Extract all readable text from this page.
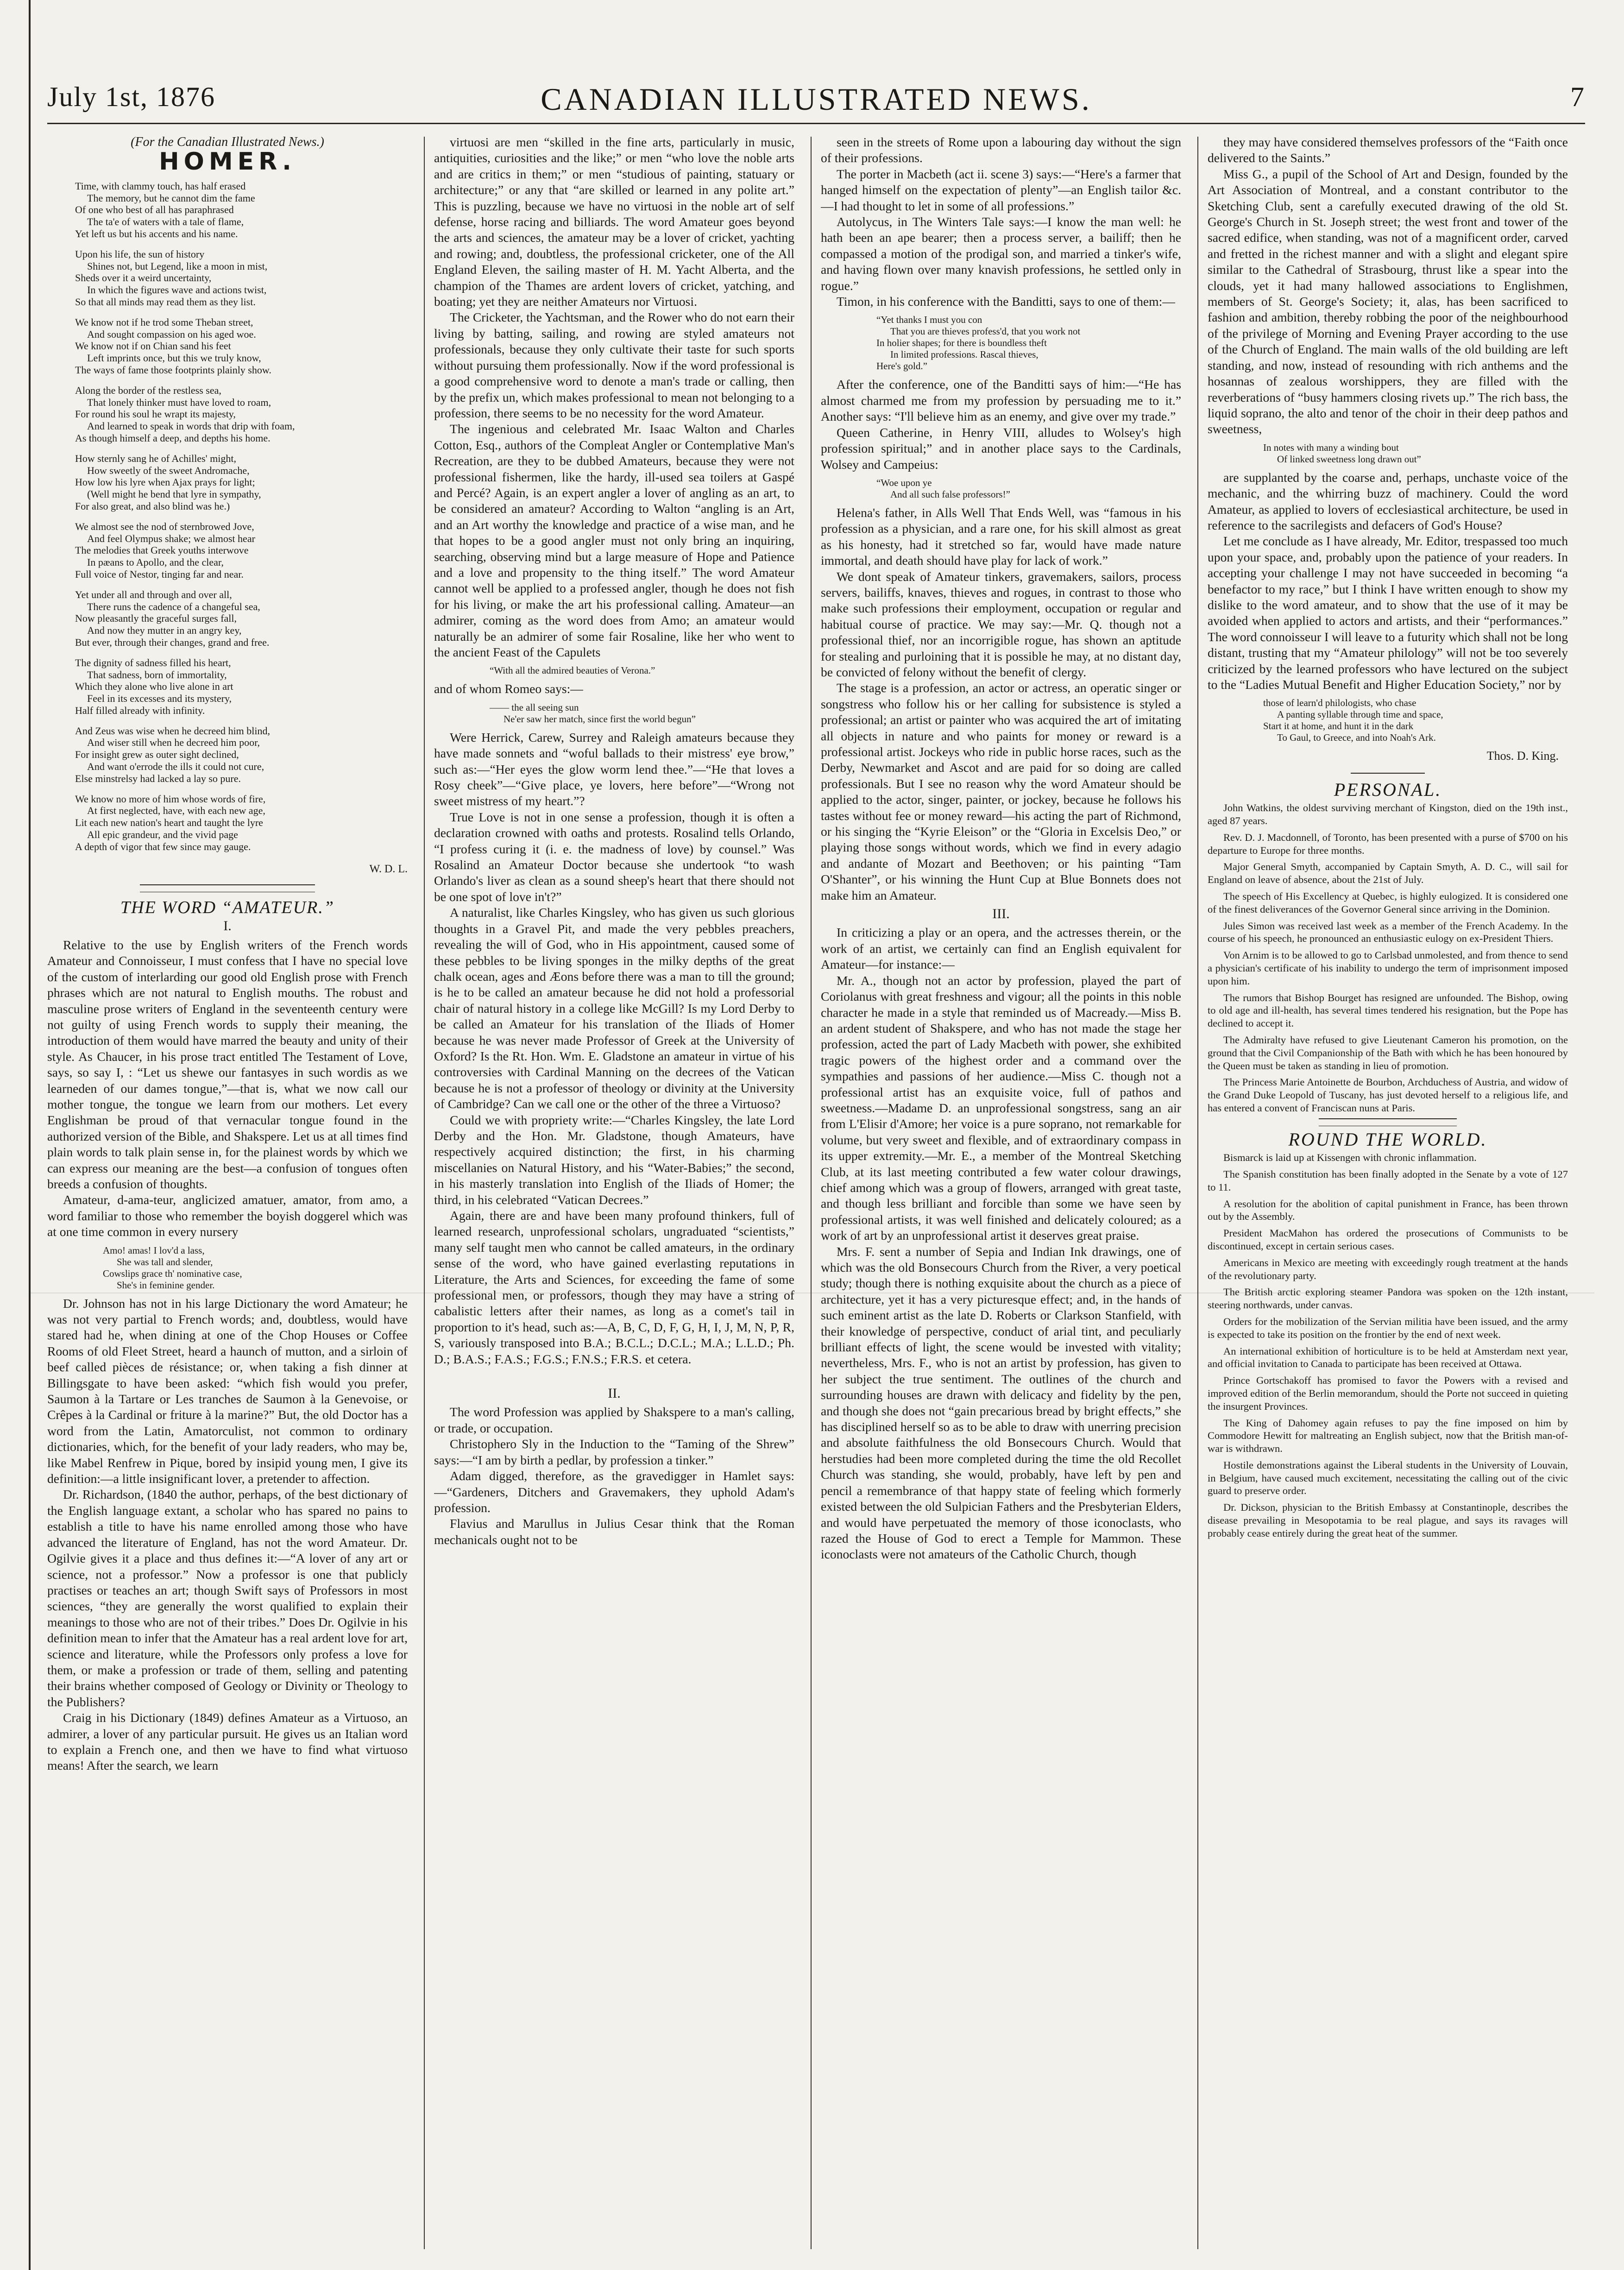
July 1st, 1876	CANADIAN ILLUSTRATED NEWS.	7

(For the Canadian Illustrated News.)

HOMER.
Time, with clammy touch, has half erased
The memory, but he cannot dim the fame
Of one who best of all has paraphrased
The ta'e of waters with a tale of flame,
Yet left us but his accents and his name.
Upon his life, the sun of history
Shines not, but Legend, like a moon in mist,
Sheds over it a weird uncertainty,
In which the figures wave and actions twist,
So that all minds may read them as they list.
We know not if he trod some Theban street,
And sought compassion on his aged woe.
We know not if on Chian sand his feet
Left imprints once, but this we truly know,
The ways of fame those footprints plainly show.
Along the border of the restless sea,
That lonely thinker must have loved to roam,
For round his soul he wrapt its majesty,
And learned to speak in words that drip with foam,
As though himself a deep, and depths his home.
How sternly sang he of Achilles' might,
How sweetly of the sweet Andromache,
How low his lyre when Ajax prays for light;
(Well might he bend that lyre in sympathy,
For also great, and also blind was he.)
We almost see the nod of sternbrowed Jove,
And feel Olympus shake; we almost hear
The melodies that Greek youths interwove
In pæans to Apollo, and the clear,
Full voice of Nestor, tinging far and near.
Yet under all and through and over all,
There runs the cadence of a changeful sea,
Now pleasantly the graceful surges fall,
And now they mutter in an angry key,
But ever, through their changes, grand and free.
The dignity of sadness filled his heart,
That sadness, born of immortality,
Which they alone who live alone in art
Feel in its excesses and its mystery,
Half filled already with infinity.
And Zeus was wise when he decreed him blind,
And wiser still when he decreed him poor,
For insight grew as outer sight declined,
And want o'errode the ills it could not cure,
Else minstrelsy had lacked a lay so pure.
We know no more of him whose words of fire,
At first neglected, have, with each new age,
Lit each new nation's heart and taught the lyre
All epic grandeur, and the vivid page
A depth of vigor that few since may gauge.
W. D. L.
THE WORD “AMATEUR.”
I.

Relative to the use by English writers of the French words Amateur and Connoisseur, I must confess that I have no special love of the custom of interlarding our good old English prose with French phrases which are not natural to English mouths. The robust and masculine prose writers of England in the seventeenth century were not guilty of using French words to supply their meaning, the introduction of them would have marred the beauty and unity of their style. As Chaucer, in his prose tract entitled The Testament of Love, says, so say I, : “Let us shewe our fantasyes in such wordis as we learneden of our dames tongue,”—that is, what we now call our mother tongue, the tongue we learn from our mothers. Let every Englishman be proud of that vernacular tongue found in the authorized version of the Bible, and Shakspere. Let us at all times find plain words to talk plain sense in, for the plainest words by which we can express our meaning are the best—a confusion of tongues often breeds a confusion of thoughts.

Amateur, d-ama-teur, anglicized amatuer, amator, from amo, a word familiar to those who remember the boyish doggerel which was at one time common in every nursery

Amo! amas! I lov'd a lass,
She was tall and slender,
Cowslips grace th' nominative case,
She's in feminine gender.

Dr. Johnson has not in his large Dictionary the word Amateur; he was not very partial to French words; and, doubtless, would have stared had he, when dining at one of the Chop Houses or Coffee Rooms of old Fleet Street, heard a haunch of mutton, and a sirloin of beef called pièces de résistance; or, when taking a fish dinner at Billingsgate to have been asked: “which fish would you prefer, Saumon à la Tartare or Les tranches de Saumon à la Genevoise, or Crêpes à la Cardinal or friture à la marine?” But, the old Doctor has a word from the Latin, Amatorculist, not common to ordinary dictionaries, which, for the benefit of your lady readers, who may be, like Mabel Renfrew in Pique, bored by insipid young men, I give its definition:—a little insignificant lover, a pretender to affection.

Dr. Richardson, (1840 the author, perhaps, of the best dictionary of the English language extant, a scholar who has spared no pains to establish a title to have his name enrolled among those who have advanced the literature of England, has not the word Amateur. Dr. Ogilvie gives it a place and thus defines it:—“A lover of any art or science, not a professor.” Now a professor is one that publicly practises or teaches an art; though Swift says of Professors in most sciences, “they are generally the worst qualified to explain their meanings to those who are not of their tribes.” Does Dr. Ogilvie in his definition mean to infer that the Amateur has a real ardent love for art, science and literature, while the Professors only profess a love for them, or make a profession or trade of them, selling and patenting their brains whether composed of Geology or Divinity or Theology to the Publishers?

Craig in his Dictionary (1849) defines Amateur as a Virtuoso, an admirer, a lover of any particular pursuit. He gives us an Italian word to explain a French one, and then we have to find what virtuoso means! After the search, we learn

virtuosi are men “skilled in the fine arts, particularly in music, antiquities, curiosities and the like;” or men “who love the noble arts and are critics in them;” or men “studious of painting, statuary or architecture;” or any that “are skilled or learned in any polite art.” This is puzzling, because we have no virtuosi in the noble art of self defense, horse racing and billiards. The word Amateur goes beyond the arts and sciences, the amateur may be a lover of cricket, yachting and rowing; and, doubtless, the professional cricketer, one of the All England Eleven, the sailing master of H. M. Yacht Alberta, and the champion of the Thames are ardent lovers of cricket, yatching, and boating; yet they are neither Amateurs nor Virtuosi.

The Cricketer, the Yachtsman, and the Rower who do not earn their living by batting, sailing, and rowing are styled amateurs not professionals, because they only cultivate their taste for such sports without pursuing them professionally. Now if the word professional is a good comprehensive word to denote a man's trade or calling, then by the prefix un, which makes professional to mean not belonging to a profession, there seems to be no necessity for the word Amateur.

The ingenious and celebrated Mr. Isaac Walton and Charles Cotton, Esq., authors of the Compleat Angler or Contemplative Man's Recreation, are they to be dubbed Amateurs, because they were not professional fishermen, like the hardy, ill-used sea toilers at Gaspé and Percé? Again, is an expert angler a lover of angling as an art, to be considered an amateur? According to Walton “angling is an Art, and an Art worthy the knowledge and practice of a wise man, and he that hopes to be a good angler must not only bring an inquiring, searching, observing mind but a large measure of Hope and Patience and a love and propensity to the thing itself.” The word Amateur cannot well be applied to a professed angler, though he does not fish for his living, or make the art his professional calling. Amateur—an admirer, coming as the word does from Amo; an amateur would naturally be an admirer of some fair Rosaline, like her who went to the ancient Feast of the Capulets

“With all the admired beauties of Verona.”

and of whom Romeo says:—

—— the all seeing sun
Ne'er saw her match, since first the world begun”

Were Herrick, Carew, Surrey and Raleigh amateurs because they have made sonnets and “woful ballads to their mistress' eye brow,” such as:—“Her eyes the glow worm lend thee.”—“He that loves a Rosy cheek”—“Give place, ye lovers, here before”—“Wrong not sweet mistress of my heart.”?

True Love is not in one sense a profession, though it is often a declaration crowned with oaths and protests. Rosalind tells Orlando, “I profess curing it (i. e. the madness of love) by counsel.” Was Rosalind an Amateur Doctor because she undertook “to wash Orlando's liver as clean as a sound sheep's heart that there should not be one spot of love in't?”

A naturalist, like Charles Kingsley, who has given us such glorious thoughts in a Gravel Pit, and made the very pebbles preachers, revealing the will of God, who in His appointment, caused some of these pebbles to be living sponges in the milky depths of the great chalk ocean, ages and Æons before there was a man to till the ground; is he to be called an amateur because he did not hold a professorial chair of natural history in a college like McGill? Is my Lord Derby to be called an Amateur for his translation of the Iliads of Homer because he was never made Professor of Greek at the University of Oxford? Is the Rt. Hon. Wm. E. Gladstone an amateur in virtue of his controversies with Cardinal Manning on the decrees of the Vatican because he is not a professor of theology or divinity at the University of Cambridge? Can we call one or the other of the three a Virtuoso?

Could we with propriety write:—“Charles Kingsley, the late Lord Derby and the Hon. Mr. Gladstone, though Amateurs, have respectively acquired distinction; the first, in his charming miscellanies on Natural History, and his “Water-Babies;” the second, in his masterly translation into English of the Iliads of Homer; the third, in his celebrated “Vatican Decrees.”

Again, there are and have been many profound thinkers, full of learned research, unprofessional scholars, ungraduated “scientists,” many self taught men who cannot be called amateurs, in the ordinary sense of the word, who have gained everlasting reputations in Literature, the Arts and Sciences, for exceeding the fame of some professional men, or professors, though they may have a string of cabalistic letters after their names, as long as a comet's tail in proportion to it's head, such as:—A, B, C, D, F, G, H, I, J, M, N, P, R, S, variously transposed into B.A.; B.C.L.; D.C.L.; M.A.; L.L.D.; Ph. D.; B.A.S.; F.A.S.; F.G.S.; F.N.S.; F.R.S. et cetera.

II.

The word Profession was applied by Shakspere to a man's calling, or trade, or occupation.

Christophero Sly in the Induction to the “Taming of the Shrew” says:—“I am by birth a pedlar, by profession a tinker.”

Adam digged, therefore, as the gravedigger in Hamlet says:—“Gardeners, Ditchers and Gravemakers, they uphold Adam's profession.

Flavius and Marullus in Julius Cesar think that the Roman mechanicals ought not to be

seen in the streets of Rome upon a labouring day without the sign of their professions.

The porter in Macbeth (act ii. scene 3) says:—“Here's a farmer that hanged himself on the expectation of plenty”—an English tailor &c.—I had thought to let in some of all professions.”

Autolycus, in The Winters Tale says:—I know the man well: he hath been an ape bearer; then a process server, a bailiff; then he compassed a motion of the prodigal son, and married a tinker's wife, and having flown over many knavish professions, he settled only in rogue.”

Timon, in his conference with the Banditti, says to one of them:—

“Yet thanks I must you con
That you are thieves profess'd, that you work not
In holier shapes; for there is boundless theft
In limited professions. Rascal thieves,
Here's gold.”

After the conference, one of the Banditti says of him:—“He has almost charmed me from my profession by persuading me to it.” Another says: “I'll believe him as an enemy, and give over my trade.”

Queen Catherine, in Henry VIII, alludes to Wolsey's high profession spiritual;” and in another place says to the Cardinals, Wolsey and Campeius:

“Woe upon ye
And all such false professors!”

Helena's father, in Alls Well That Ends Well, was “famous in his profession as a physician, and a rare one, for his skill almost as great as his honesty, had it stretched so far, would have made nature immortal, and death should have play for lack of work.”

We dont speak of Amateur tinkers, gravemakers, sailors, process servers, bailiffs, knaves, thieves and rogues, in contrast to those who make such professions their employment, occupation or regular and habitual course of practice. We may say:—Mr. Q. though not a professional thief, nor an incorrigible rogue, has shown an aptitude for stealing and purloining that it is possible he may, at no distant day, be convicted of felony without the benefit of clergy.

The stage is a profession, an actor or actress, an operatic singer or songstress who follow his or her calling for subsistence is styled a professional; an artist or painter who was acquired the art of imitating all objects in nature and who paints for money or reward is a professional artist. Jockeys who ride in public horse races, such as the Derby, Newmarket and Ascot and are paid for so doing are called professionals. But I see no reason why the word Amateur should be applied to the actor, singer, painter, or jockey, because he follows his tastes without fee or money reward—his acting the part of Richmond, or his singing the “Kyrie Eleison” or the “Gloria in Excelsis Deo,” or playing those songs without words, which we find in every adagio and andante of Mozart and Beethoven; or his painting “Tam O'Shanter”, or his winning the Hunt Cup at Blue Bonnets does not make him an Amateur.

III.

In criticizing a play or an opera, and the actresses therein, or the work of an artist, we certainly can find an English equivalent for Amateur—for instance:—

Mr. A., though not an actor by profession, played the part of Coriolanus with great freshness and vigour; all the points in this noble character he made in a style that reminded us of Macready.—Miss B. an ardent student of Shakspere, and who has not made the stage her profession, acted the part of Lady Macbeth with power, she exhibited tragic powers of the highest order and a command over the sympathies and passions of her audience.—Miss C. though not a professional artist has an exquisite voice, full of pathos and sweetness.—Madame D. an unprofessional songstress, sang an air from L'Elisir d'Amore; her voice is a pure soprano, not remarkable for volume, but very sweet and flexible, and of extraordinary compass in its upper extremity.—Mr. E., a member of the Montreal Sketching Club, at its last meeting contributed a few water colour drawings, chief among which was a group of flowers, arranged with great taste, and though less brilliant and forcible than some we have seen by professional artists, it was well finished and delicately coloured; as a work of art by an unprofessional artist it deserves great praise.

Mrs. F. sent a number of Sepia and Indian Ink drawings, one of which was the old Bonsecours Church from the River, a very poetical study; though there is nothing exquisite about the church as a piece of architecture, yet it has a very picturesque effect; and, in the hands of such eminent artist as the late D. Roberts or Clarkson Stanfield, with their knowledge of perspective, conduct of arial tint, and peculiarly brilliant effects of light, the scene would be invested with vitality; nevertheless, Mrs. F., who is not an artist by profession, has given to her subject the true sentiment. The outlines of the church and surrounding houses are drawn with delicacy and fidelity by the pen, and though she does not “gain precarious bread by bright effects,” she has disciplined herself so as to be able to draw with unerring precision and absolute faithfulness the old Bonsecours Church. Would that herstudies had been more completed during the time the old Recollet Church was standing, she would, probably, have left by pen and pencil a remembrance of that happy state of feeling which formerly existed between the old Sulpician Fathers and the Presbyterian Elders, and would have perpetuated the memory of those iconoclasts, who razed the House of God to erect a Temple for Mammon. These iconoclasts were not amateurs of the Catholic Church, though

they may have considered themselves professors of the “Faith once delivered to the Saints.”

Miss G., a pupil of the School of Art and Design, founded by the Art Association of Montreal, and a constant contributor to the Sketching Club, sent a carefully executed drawing of the old St. George's Church in St. Joseph street; the west front and tower of the sacred edifice, when standing, was not of a magnificent order, carved and fretted in the richest manner and with a slight and elegant spire similar to the Cathedral of Strasbourg, thrust like a spear into the clouds, yet it had many hallowed associations to Englishmen, members of St. George's Society; it, alas, has been sacrificed to fashion and ambition, thereby robbing the poor of the neighbourhood of the privilege of Morning and Evening Prayer according to the use of the Church of England. The main walls of the old building are left standing, and now, instead of resounding with rich anthems and the hosannas of zealous worshippers, they are filled with the reverberations of “busy hammers closing rivets up.” The rich bass, the liquid soprano, the alto and tenor of the choir in their deep pathos and sweetness,

In notes with many a winding bout
Of linked sweetness long drawn out”

are supplanted by the coarse and, perhaps, unchaste voice of the mechanic, and the whirring buzz of machinery. Could the word Amateur, as applied to lovers of ecclesiastical architecture, be used in reference to the sacrilegists and defacers of God's House?

Let me conclude as I have already, Mr. Editor, trespassed too much upon your space, and, probably upon the patience of your readers. In accepting your challenge I may not have succeeded in becoming “a benefactor to my race,” but I think I have written enough to show my dislike to the word amateur, and to show that the use of it may be avoided when applied to actors and artists, and their “performances.” The word connoisseur I will leave to a futurity which shall not be long distant, trusting that my “Amateur philology” will not be too severely criticized by the learned professors who have lectured on the subject to the “Ladies Mutual Benefit and Higher Education Society,” nor by

those of learn'd philologists, who chase
A panting syllable through time and space,
Start it at home, and hunt it in the dark
To Gaul, to Greece, and into Noah's Ark.
Thos. D. King.
PERSONAL.

John Watkins, the oldest surviving merchant of Kingston, died on the 19th inst., aged 87 years.

Rev. D. J. Macdonnell, of Toronto, has been presented with a purse of $700 on his departure to Europe for three months.

Major General Smyth, accompanied by Captain Smyth, A. D. C., will sail for England on leave of absence, about the 21st of July.

The speech of His Excellency at Quebec, is highly eulogized. It is considered one of the finest deliverances of the Governor General since arriving in the Dominion.

Jules Simon was received last week as a member of the French Academy. In the course of his speech, he pronounced an enthusiastic eulogy on ex-President Thiers.

Von Arnim is to be allowed to go to Carlsbad unmolested, and from thence to send a physician's certificate of his inability to undergo the term of imprisonment imposed upon him.

The rumors that Bishop Bourget has resigned are unfounded. The Bishop, owing to old age and ill-health, has several times tendered his resignation, but the Pope has declined to accept it.

The Admiralty have refused to give Lieutenant Cameron his promotion, on the ground that the Civil Companionship of the Bath with which he has been honoured by the Queen must be taken as standing in lieu of promotion.

The Princess Marie Antoinette de Bourbon, Archduchess of Austria, and widow of the Grand Duke Leopold of Tuscany, has just devoted herself to a religious life, and has entered a convent of Franciscan nuns at Paris.

ROUND THE WORLD.

Bismarck is laid up at Kissengen with chronic inflammation.

The Spanish constitution has been finally adopted in the Senate by a vote of 127 to 11.

A resolution for the abolition of capital punishment in France, has been thrown out by the Assembly.

President MacMahon has ordered the prosecutions of Communists to be discontinued, except in certain serious cases.

Americans in Mexico are meeting with exceedingly rough treatment at the hands of the revolutionary party.

The British arctic exploring steamer Pandora was spoken on the 12th instant, steering northwards, under canvas.

Orders for the mobilization of the Servian militia have been issued, and the army is expected to take its position on the frontier by the end of next week.

An international exhibition of horticulture is to be held at Amsterdam next year, and official invitation to Canada to participate has been received at Ottawa.

Prince Gortschakoff has promised to favor the Powers with a revised and improved edition of the Berlin memorandum, should the Porte not succeed in quieting the insurgent Provinces.

The King of Dahomey again refuses to pay the fine imposed on him by Commodore Hewitt for maltreating an English subject, now that the British man-of-war is withdrawn.

Hostile demonstrations against the Liberal students in the University of Louvain, in Belgium, have caused much excitement, necessitating the calling out of the civic guard to preserve order.

Dr. Dickson, physician to the British Embassy at Constantinople, describes the disease prevailing in Mesopotamia to be real plague, and says its ravages will probably cease entirely during the great heat of the summer.
